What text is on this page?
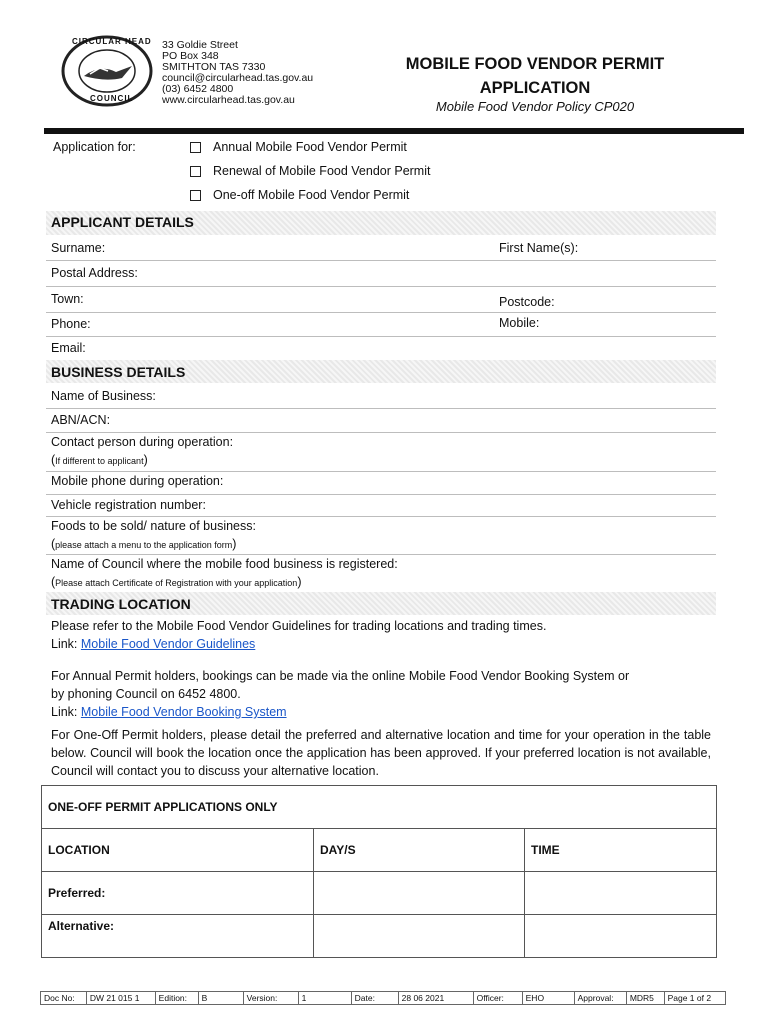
CIRCULAR HEAD
COUNCIL
33 Goldie Street
PO Box 348
SMITHTON TAS 7330
council@circularhead.tas.gov.au
(03) 6452 4800
www.circularhead.tas.gov.au
MOBILE FOOD VENDOR PERMIT
APPLICATION
Mobile Food Vendor Policy CP020
Application for:	Annual Mobile Food Vendor Permit
Renewal of Mobile Food Vendor Permit
One-off Mobile Food Vendor Permit
APPLICANT DETAILS
Surname:	First Name(s):
Postal Address:
Town:	Postcode:
Phone:	Mobile:
Email:
BUSINESS DETAILS
Name of Business:
ABN/ACN:
Contact person during operation:
(If different to applicant)
Mobile phone during operation:
Vehicle registration number:
Foods to be sold/ nature of business:
(please attach a menu to the application form)
Name of Council where the mobile food business is registered:
(Please attach Certificate of Registration with your application)
TRADING LOCATION
Please refer to the Mobile Food Vendor Guidelines for trading locations and trading times.
Link: Mobile Food Vendor Guidelines
For Annual Permit holders, bookings can be made via the online Mobile Food Vendor Booking System or
by phoning Council on 6452 4800.
Link: Mobile Food Vendor Booking System
For One-Off Permit holders, please detail the preferred and alternative location and time for your operation in the table below. Council will book the location once the application has been approved. If your preferred location is not available, Council will contact you to discuss your alternative location.
ONE-OFF PERMIT APPLICATIONS ONLY		
LOCATION	DAY/S	TIME
Preferred:		
Alternative:		
Doc No:	DW 21 015 1	Edition:	B	Version:	1	Date:	28 06 2021	Officer:	EHO	Approval:	MDR5	Page 1 of 2
